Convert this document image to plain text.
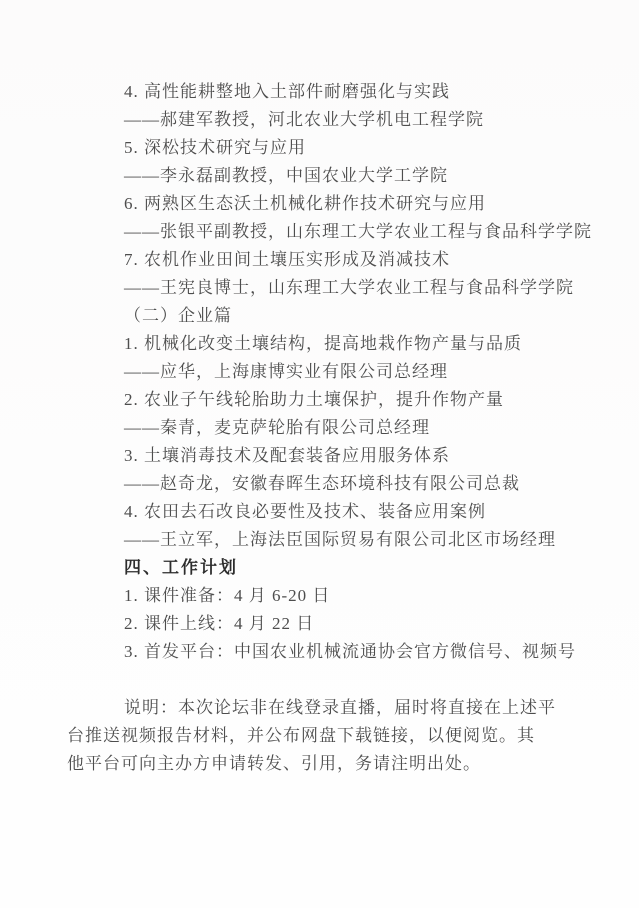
4. 高性能耕整地入土部件耐磨强化与实践
——郝建军教授，河北农业大学机电工程学院
5. 深松技术研究与应用
——李永磊副教授，中国农业大学工学院
6. 两熟区生态沃土机械化耕作技术研究与应用
——张银平副教授，山东理工大学农业工程与食品科学学院
7. 农机作业田间土壤压实形成及消减技术
——王宪良博士，山东理工大学农业工程与食品科学学院
（二）企业篇
1. 机械化改变土壤结构，提高地栽作物产量与品质
——应华，上海康博实业有限公司总经理
2. 农业子午线轮胎助力土壤保护，提升作物产量
——秦青，麦克萨轮胎有限公司总经理
3. 土壤消毒技术及配套装备应用服务体系
——赵奇龙，安徽春晖生态环境科技有限公司总裁
4. 农田去石改良必要性及技术、装备应用案例
——王立军，上海法臣国际贸易有限公司北区市场经理
四、工作计划
1. 课件准备：4 月 6-20 日
2. 课件上线：4 月 22 日
3. 首发平台：中国农业机械流通协会官方微信号、视频号
说明：本次论坛非在线登录直播，届时将直接在上述平
台推送视频报告材料，并公布网盘下载链接，以便阅览。其
他平台可向主办方申请转发、引用，务请注明出处。
